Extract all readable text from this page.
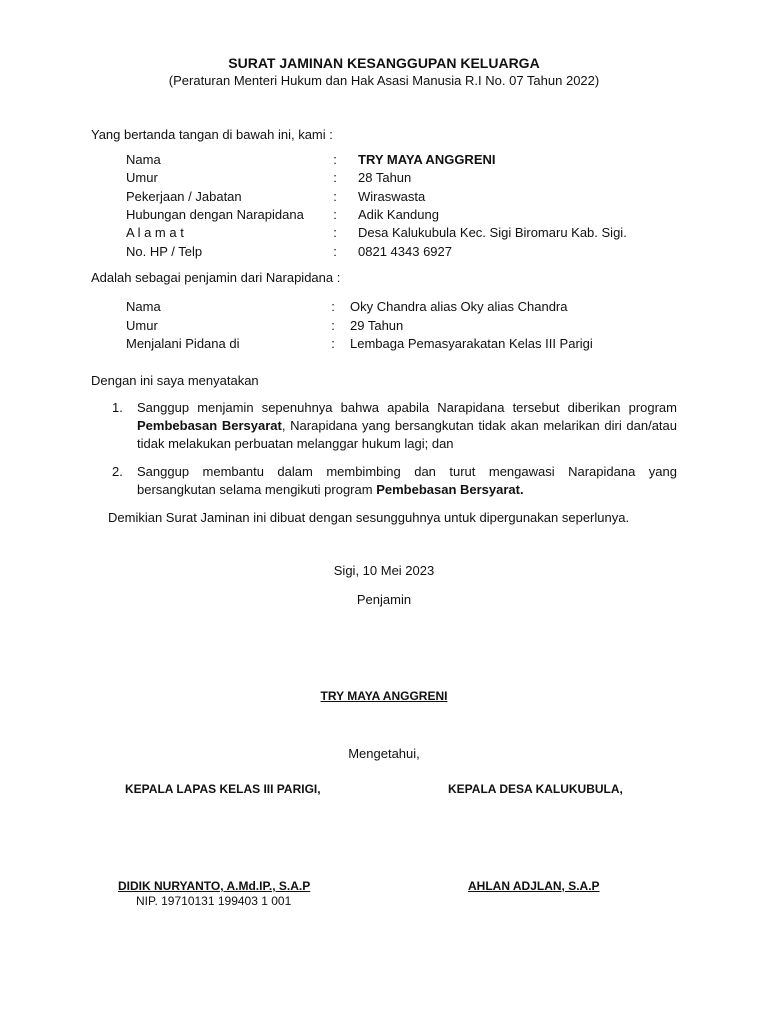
SURAT JAMINAN KESANGGUPAN KELUARGA
(Peraturan Menteri Hukum dan Hak Asasi Manusia R.I No. 07 Tahun 2022)
Yang bertanda tangan di bawah ini, kami :
Nama	: TRY MAYA ANGGRENI
Umur	: 28 Tahun
Pekerjaan / Jabatan	: Wiraswasta
Hubungan dengan Narapidana : Adik Kandung
A l a m a t	: Desa Kalukubula Kec. Sigi Biromaru Kab. Sigi.
No. HP / Telp	: 0821 4343 6927
Adalah sebagai penjamin dari Narapidana :
Nama	: Oky Chandra alias Oky alias Chandra
Umur	: 29 Tahun
Menjalani Pidana di	: Lembaga Pemasyarakatan Kelas III Parigi
Dengan ini saya menyatakan
1. Sanggup menjamin sepenuhnya bahwa apabila Narapidana tersebut diberikan program Pembebasan Bersyarat, Narapidana yang bersangkutan tidak akan melarikan diri dan/atau tidak melakukan perbuatan melanggar hukum lagi; dan
2. Sanggup membantu dalam membimbing dan turut mengawasi Narapidana yang bersangkutan selama mengikuti program Pembebasan Bersyarat.
Demikian Surat Jaminan ini dibuat dengan sesungguhnya untuk dipergunakan seperlunya.
Sigi, 10 Mei 2023
Penjamin
TRY MAYA ANGGRENI
Mengetahui,
KEPALA LAPAS KELAS III PARIGI,
DIDIK NURYANTO, A.Md.IP., S.A.P
NIP. 19710131 199403 1 001
KEPALA DESA KALUKUBULA,
AHLAN ADJLAN, S.A.P
